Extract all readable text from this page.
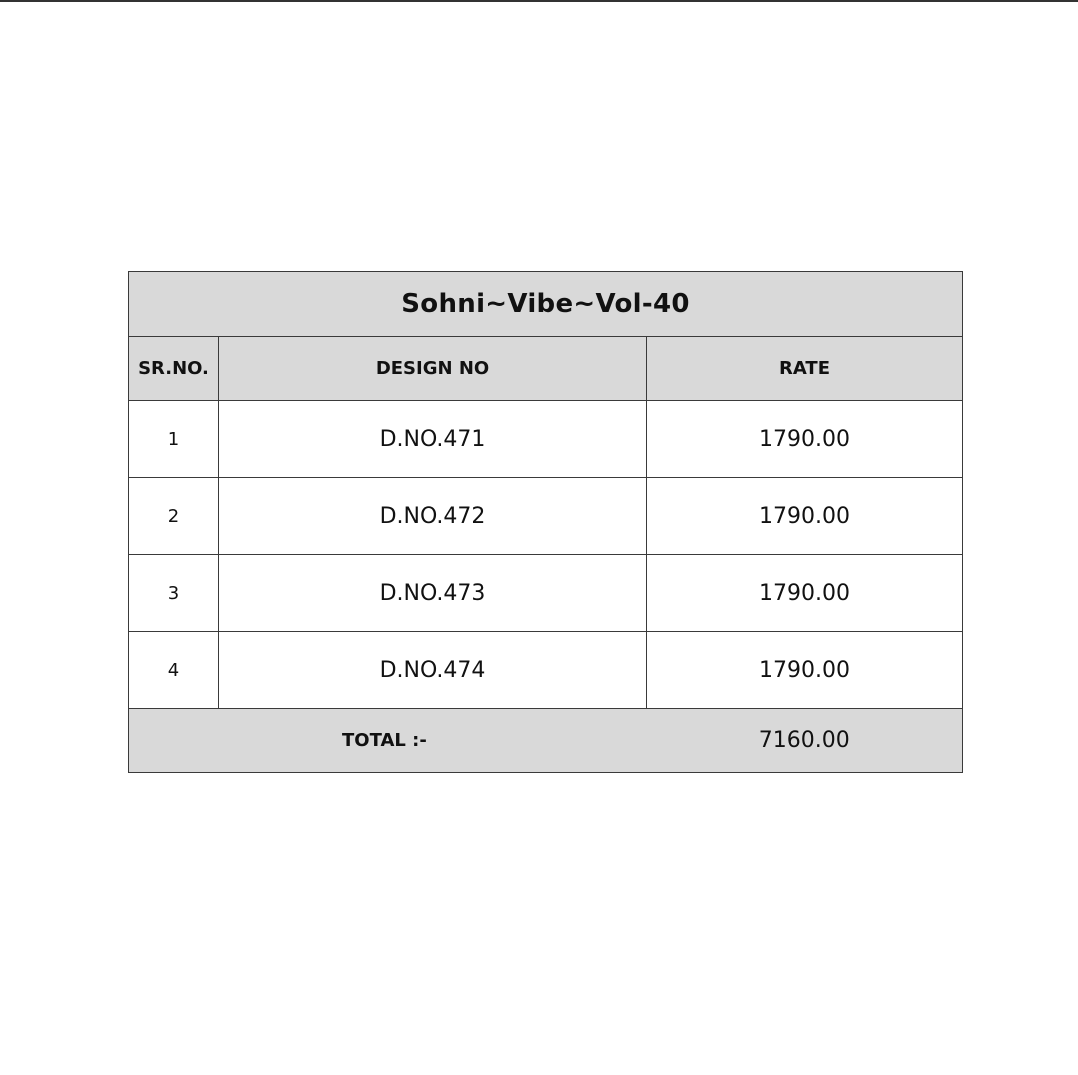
Sohni~Vibe~Vol-40		
SR.NO.	DESIGN NO	RATE
1	D.NO.471	1790.00
2	D.NO.472	1790.00
3	D.NO.473	1790.00
4	D.NO.474	1790.00
TOTAL :-		7160.00
